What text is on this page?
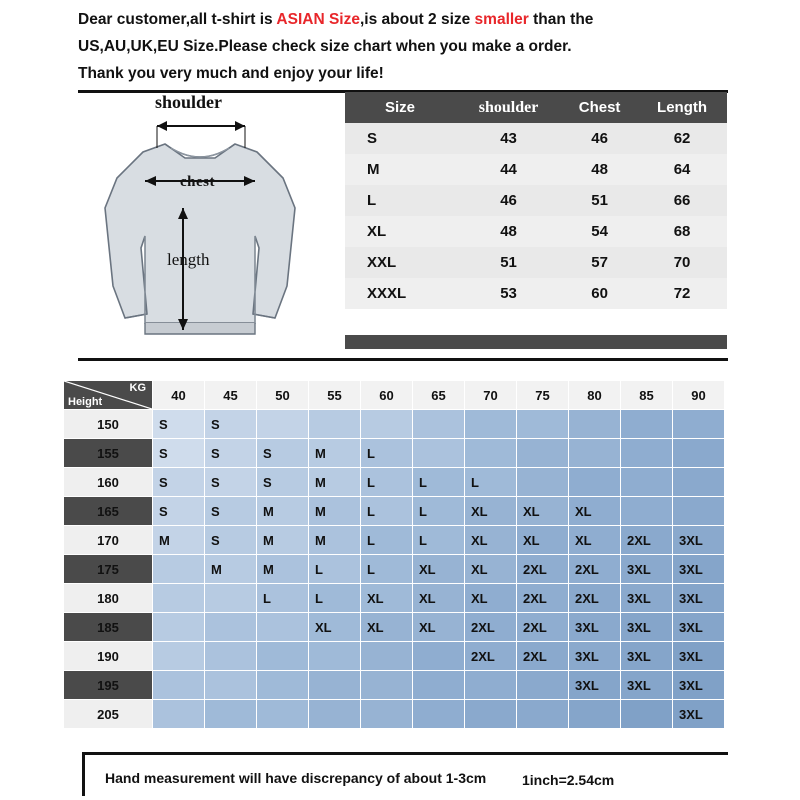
Dear customer,all t-shirt is ASIAN Size,is about 2 size smaller than the
US,AU,UK,EU Size.Please check size chart when you make a order.
Thank you very much and enjoy your life!
shoulder
chest
length
Size	shoulder	Chest	Length
S	43	46	62
M	44	48	64
L	46	51	66
XL	48	54	68
XXL	51	57	70
XXXL	53	60	72
KG
Height	40	45	50	55	60	65	70	75	80	85	90
150	S	S									

155	S	S	S	M	L						

160	S	S	S	M	L	L	L				

165	S	S	M	M	L	L	XL	XL	XL		

170	M	S	M	M	L	L	XL	XL	XL	2XL	3XL

175		M	M	L	L	XL	XL	2XL	2XL	3XL	3XL

180			L	L	XL	XL	XL	2XL	2XL	3XL	3XL

185				XL	XL	XL	2XL	2XL	3XL	3XL	3XL

190							2XL	2XL	3XL	3XL	3XL

195									3XL	3XL	3XL

205											3XL
Hand measurement will have discrepancy of about 1-3cm	1inch=2.54cm
